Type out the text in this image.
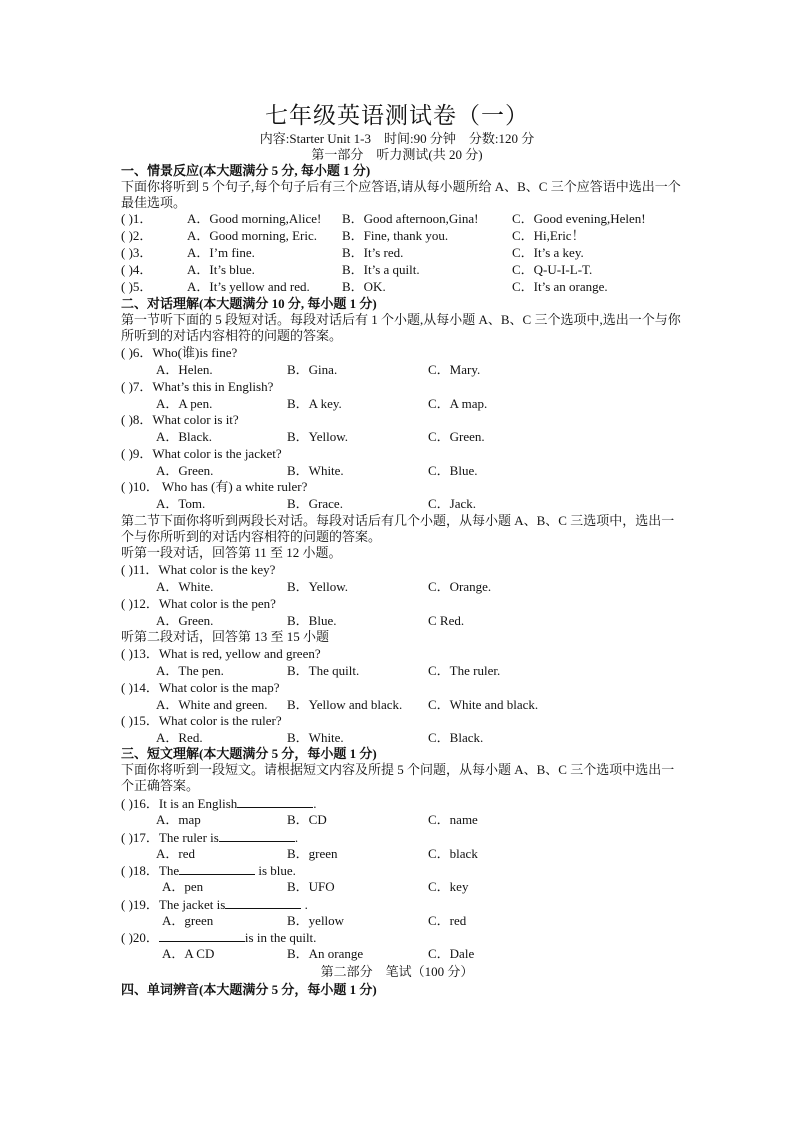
七年级英语测试卷（一）
内容:Starter Unit 1-3　时间:90 分钟　分数:120 分
第一部分　听力测试(共 20 分)
一、情景反应(本大题满分 5 分, 每小题 1 分)
下面你将听到 5 个句子,每个句子后有三个应答语,请从每小题所给 A、B、C 三个应答语中选出一个最佳选项。
( )1．	A．Good morning,Alice! B．Good afternoon,Gina!	C．Good evening,Helen!
( )2．	A．Good morning, Eric. B．Fine, thank you.	C．Hi,Eric！
( )3．	A．I’m fine.	B．It’s red.	C．It’s a key.
( )4．	A．It’s blue.	B．It’s a quilt.	C．Q-U-I-L-T.
( )5．	A．It’s yellow and red. B．OK.	C．It’s an orange.
二、对话理解(本大题满分 10 分, 每小题 1 分)
第一节听下面的 5 段短对话。每段对话后有 1 个小题,从每小题 A、B、C 三个选项中,选出一个与你所听到的对话内容相符的问题的答案。
( )6．Who(谁)is fine?
A．Helen.	B．Gina.	C．Mary.
( )7．What’s this in English?
A．A pen.	B．A key.	C．A map.
( )8．What color is it?
A．Black.	B．Yellow.	C．Green.
( )9．What color is the jacket?
A．Green.	B．White.	C．Blue.
( )10． Who has (有) a white ruler?
A．Tom.	B．Grace.	C．Jack.
第二节下面你将听到两段长对话。每段对话后有几个小题，从每小题 A、B、C 三选项中，选出一个与你所听到的对话内容相符的问题的答案。
听第一段对话，回答第 11 至 12 小题。
( )11．What color is the key?
A．White.	B．Yellow.	C．Orange.
( )12．What color is the pen?
A．Green.	B．Blue.	C Red.
听第二段对话，回答第 13 至 15 小题
( )13．What is red, yellow and green?
A．The pen.	B．The quilt.	C．The ruler.
( )14．What color is the map?
A．White and green. B．Yellow and black. C．White and black.
( )15．What color is the ruler?
A．Red.	B．White.	C．Black.
三、短文理解(本大题满分 5 分，每小题 1 分)
下面你将听到一段短文。请根据短文内容及所提 5 个问题，从每小题 A、B、C 三个选项中选出一个正确答案。
( )16．It is an English	.
A．map	B．CD	C．name
( )17．The ruler is	.
A．red	B．green	C．black
( )18．The	is blue.
A．pen	B．UFO	C．key
( )19．The jacket is	.
A．green	B．yellow	C．red
( )20．	is in the quilt.
A．A CD	B．An orange	C．Dale
第二部分　笔试（100 分）
四、单词辨音(本大题满分 5 分，每小题 1 分)
